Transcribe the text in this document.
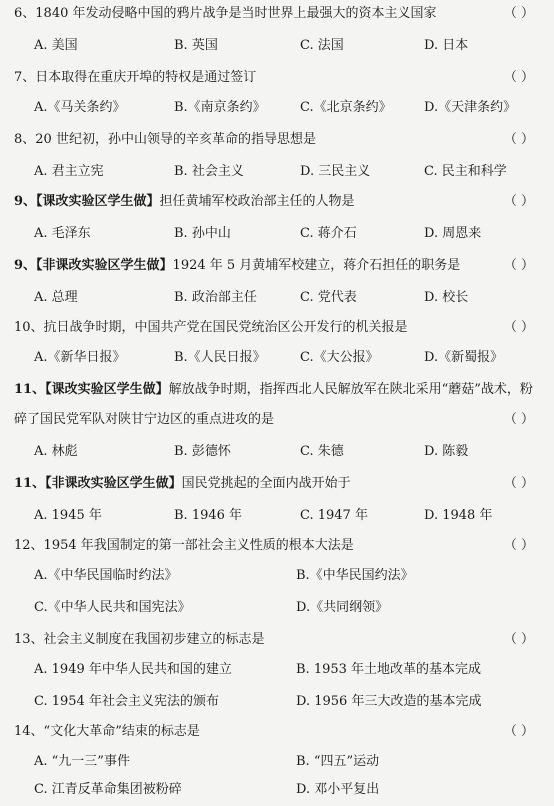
6、1840 年发动侵略中国的鸦片战争是当时世界上最强大的资本主义国家	（ ）
A. 美国	B. 英国	C. 法国	D. 日本
7、日本取得在重庆开埠的特权是通过签订	（ ）
A.《马关条约》	B.《南京条约》	C.《北京条约》 D.《天津条约》
8、20 世纪初，孙中山领导的辛亥革命的指导思想是	（ ）
A. 君主立宪	B. 社会主义	D. 三民主义	C. 民主和科学
9、【课改实验区学生做】担任黄埔军校政治部主任的人物是	（ ）
A. 毛泽东	B. 孙中山	C. 蒋介石	D. 周恩来
9、【非课改实验区学生做】1924 年 5 月黄埔军校建立，蒋介石担任的职务是	（ ）
A. 总理	B. 政治部主任	C. 党代表	D. 校长
10、抗日战争时期，中国共产党在国民党统治区公开发行的机关报是	（ ）
A.《新华日报》	B.《人民日报》	C.《大公报》	D.《新蜀报》
11、【课改实验区学生做】解放战争时期，指挥西北人民解放军在陕北采用“蘑菇”战术，粉
碎了国民党军队对陕甘宁边区的重点进攻的是	（ ）
A. 林彪	B. 彭德怀	C. 朱德	D. 陈毅
11、【非课改实验区学生做】国民党挑起的全面内战开始于	（ ）
A. 1945 年	B. 1946 年	C. 1947 年	D. 1948 年
12、1954 年我国制定的第一部社会主义性质的根本大法是	（ ）
A.《中华民国临时约法》	B.《中华民国约法》
C.《中华人民共和国宪法》	D.《共同纲领》
13、社会主义制度在我国初步建立的标志是	（ ）
A. 1949 年中华人民共和国的建立	B. 1953 年土地改革的基本完成
C. 1954 年社会主义宪法的颁布	D. 1956 年三大改造的基本完成
14、“文化大革命”结束的标志是	（ ）
A. “九一三”事件	B. “四五”运动
C. 江青反革命集团被粉碎	D. 邓小平复出
